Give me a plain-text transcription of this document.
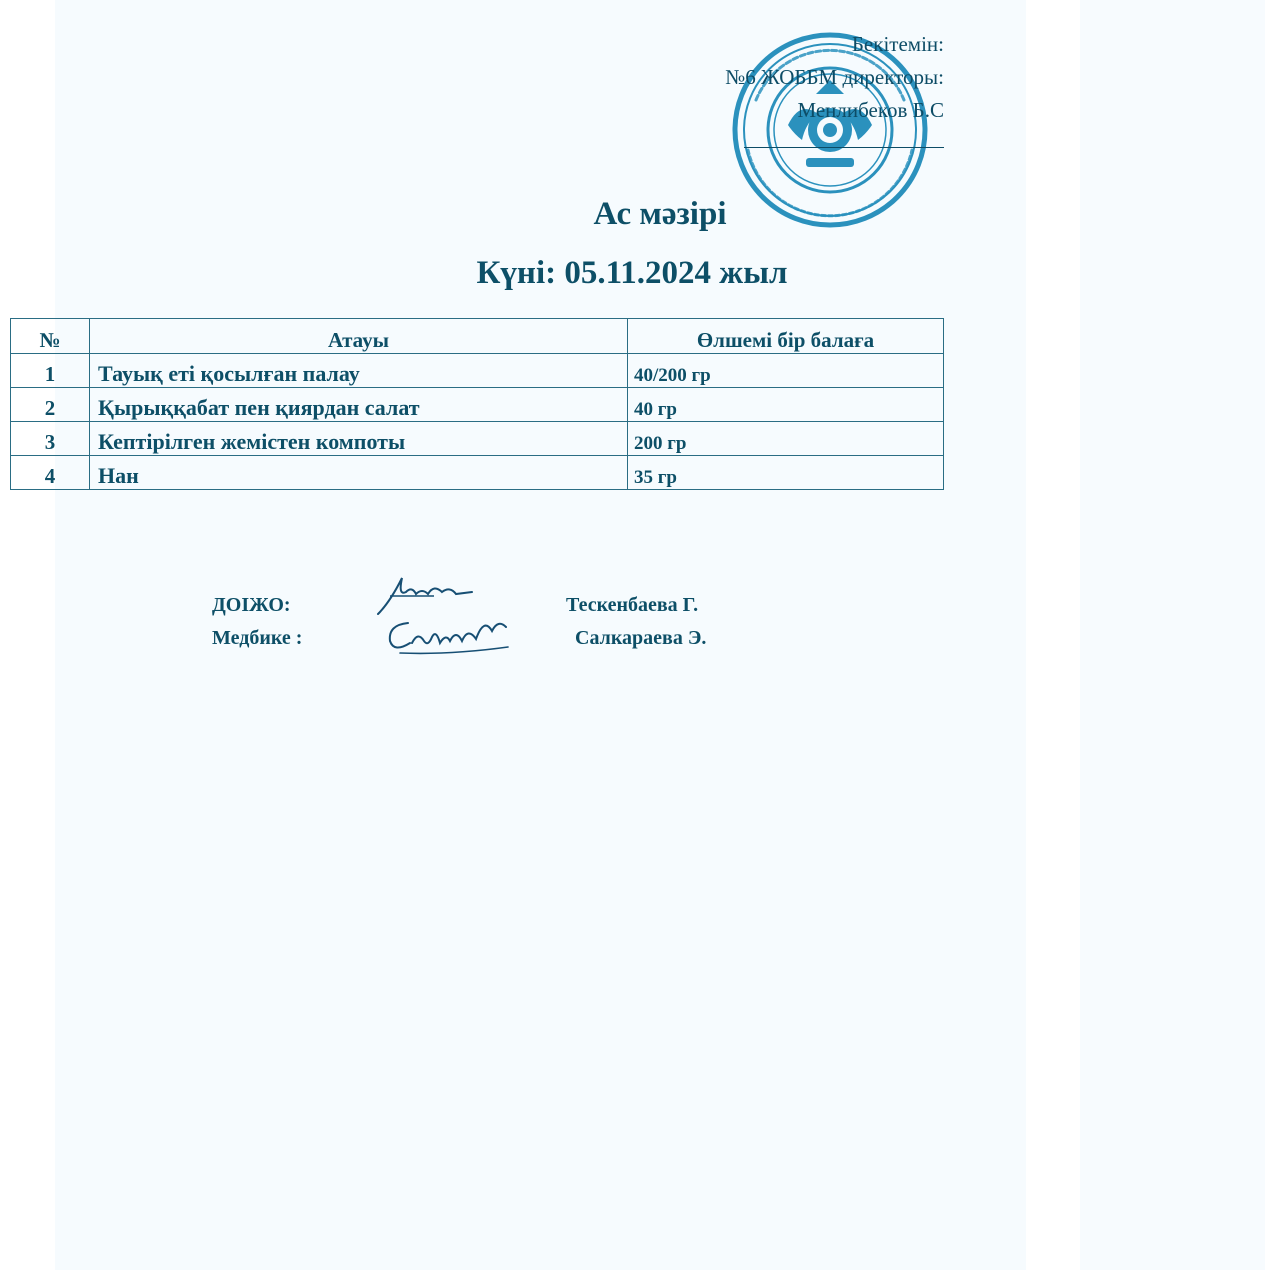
Бекітемін:
№6 ЖОББМ директоры:
Менлибеков Б.С
Ас мәзірі
Күні: 05.11.2024 жыл
№	Атауы	Өлшемі бір балаға
1	Тауық еті қосылған палау	40/200 гр
2	Қырыққабат пен қиярдан салат	40 гр
3	Кептірілген жемістен компоты	200 гр
4	Нан	35 гр
ДОІЖО:	Тескенбаева Г.
Медбике :	Салкараева Э.
